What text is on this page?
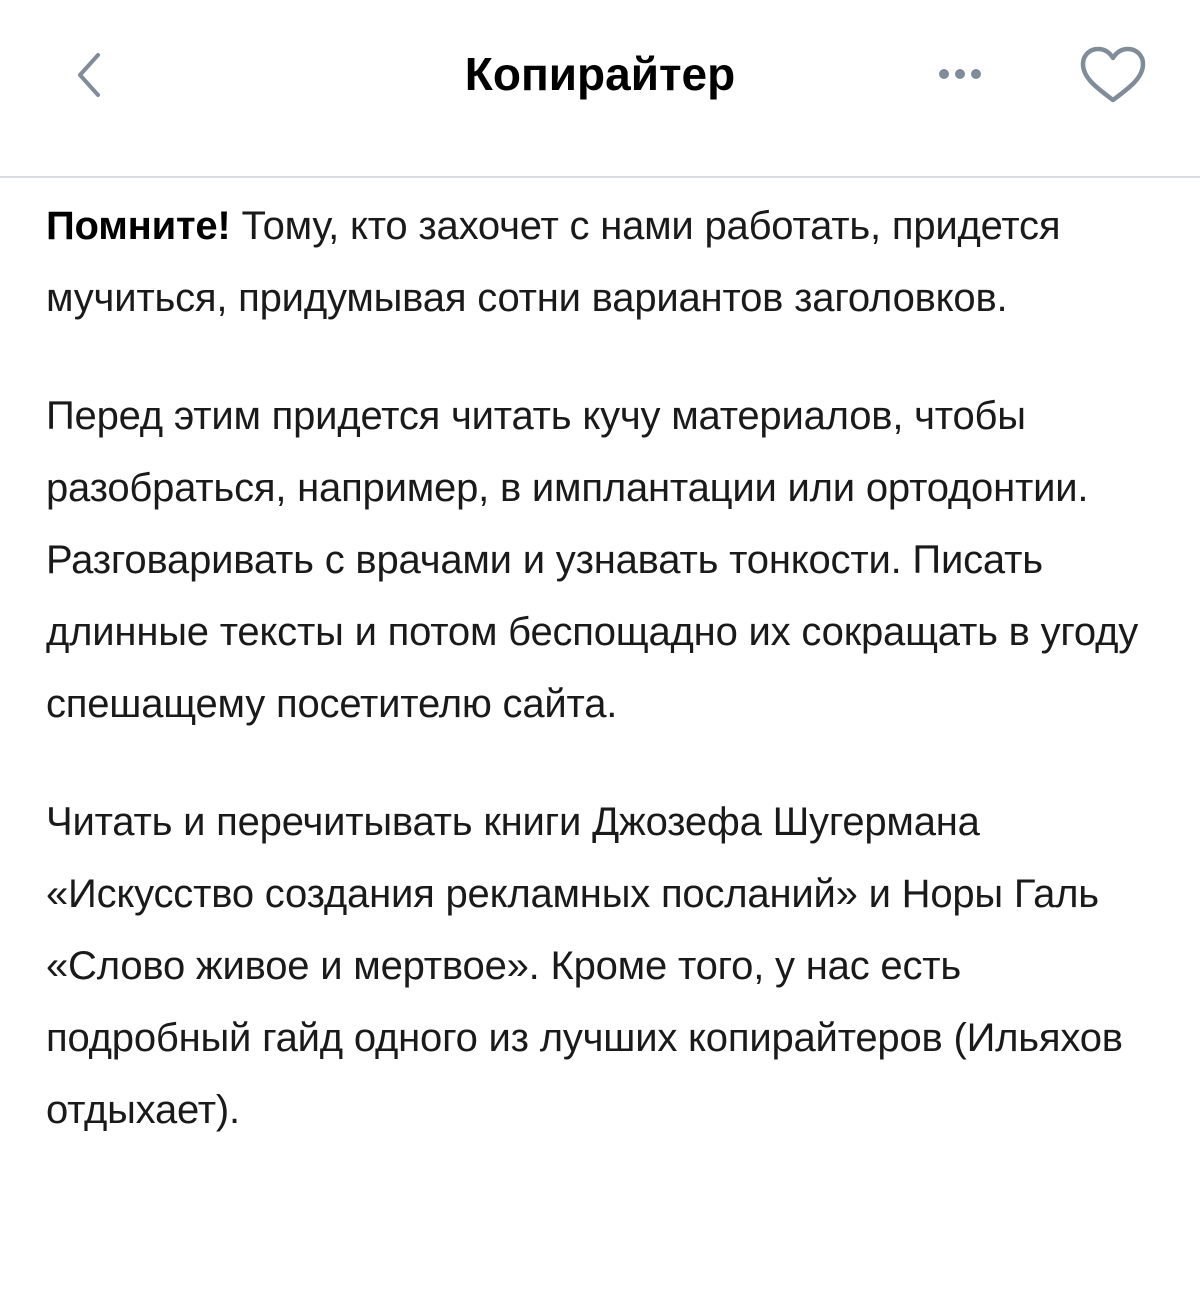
Копирайтер

Помните! Тому, кто захочет с нами работать, придется мучиться, придумывая сотни вариантов заголовков.

Перед этим придется читать кучу материалов, чтобы разобраться, например, в имплантации или ортодонтии. Разговаривать с врачами и узнавать тонкости. Писать длинные тексты и потом беспощадно их сокращать в угоду спешащему посетителю сайта.

Читать и перечитывать книги Джозефа Шугермана «Искусство создания рекламных посланий» и Норы Галь «Слово живое и мертвое». Кроме того, у нас есть подробный гайд одного из лучших копирайтеров (Ильяхов отдыхает).
